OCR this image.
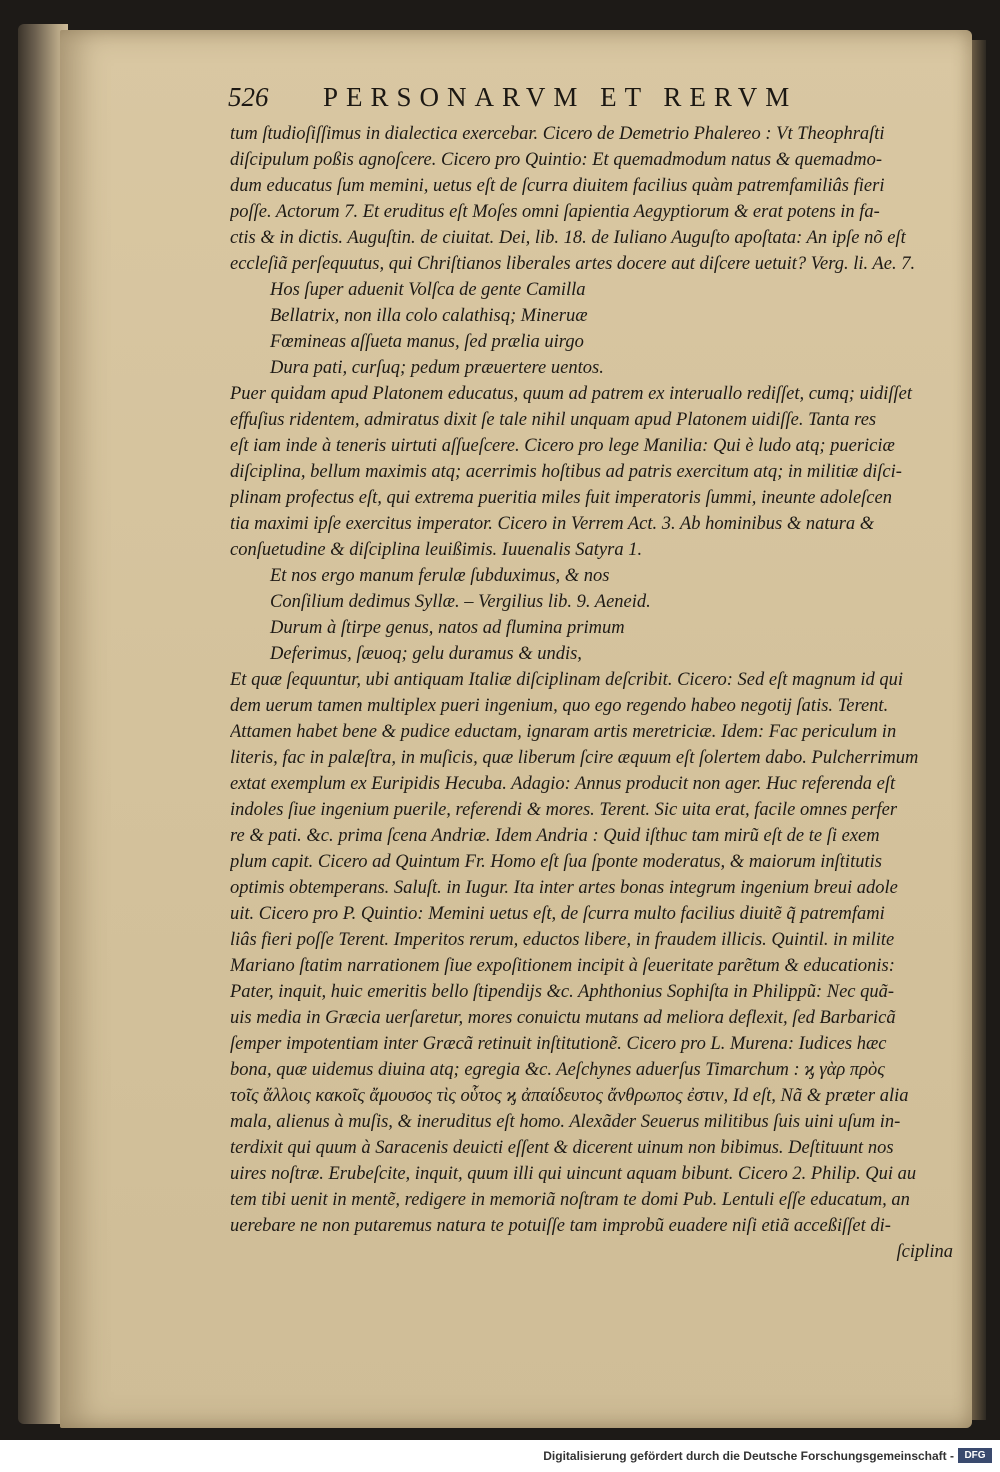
526 PERSONARVM ET RERVM
tum ſtudioſiſſimus in dialectica exercebar. Cicero de Demetrio Phalereo : Vt Theophraſti
diſcipulum poßis agnoſcere. Cicero pro Quintio: Et quemadmodum natus & quemadmo-
dum educatus ſum memini, uetus eſt de ſcurra diuitem facilius quàm patremfamiliâs fieri
poſſe. Actorum 7. Et eruditus eſt Moſes omni ſapientia Aegyptiorum & erat potens in fa-
ctis & in dictis. Auguſtin. de ciuitat. Dei, lib. 18. de Iuliano Auguſto apoſtata: An ipſe nõ eſt
eccleſiã perſequutus, qui Chriſtianos liberales artes docere aut diſcere uetuit? Verg. li. Ae. 7.
Hos ſuper aduenit Volſca de gente Camilla
Bellatrix, non illa colo calathisq; Mineruæ
Fœmineas aſſueta manus, ſed prælia uirgo
Dura pati, curſuq; pedum præuertere uentos.
Puer quidam apud Platonem educatus, quum ad patrem ex interuallo rediſſet, cumq; uidiſſet
effuſius ridentem, admiratus dixit ſe tale nihil unquam apud Platonem uidiſſe. Tanta res
eſt iam inde à teneris uirtuti aſſueſcere. Cicero pro lege Manilia: Qui è ludo atq; puericiæ
diſciplina, bellum maximis atq; acerrimis hoſtibus ad patris exercitum atq; in militiæ diſci-
plinam profectus eſt, qui extrema pueritia miles fuit imperatoris ſummi, ineunte adoleſcen
tia maximi ipſe exercitus imperator. Cicero in Verrem Act. 3. Ab hominibus & natura &
conſuetudine & diſciplina leuißimis. Iuuenalis Satyra 1.
Et nos ergo manum ferulæ ſubduximus, & nos
Conſilium dedimus Syllæ. – Vergilius lib. 9. Aeneid.
Durum à ſtirpe genus, natos ad flumina primum
Deferimus, ſæuoq; gelu duramus & undis,
Et quæ ſequuntur, ubi antiquam Italiæ diſciplinam deſcribit. Cicero: Sed eſt magnum id qui
dem uerum tamen multiplex pueri ingenium, quo ego regendo habeo negotij ſatis. Terent.
Attamen habet bene & pudice eductam, ignaram artis meretriciæ. Idem: Fac periculum in
literis, fac in palæſtra, in muſicis, quæ liberum ſcire æquum eſt ſolertem dabo. Pulcherrimum
extat exemplum ex Euripidis Hecuba. Adagio: Annus producit non ager. Huc referenda eſt
indoles ſiue ingenium puerile, referendi & mores. Terent. Sic uita erat, facile omnes perfer
re & pati. &c. prima ſcena Andriæ. Idem Andria : Quid iſthuc tam mirũ eſt de te ſi exem
plum capit. Cicero ad Quintum Fr. Homo eſt ſua ſponte moderatus, & maiorum inſtitutis
optimis obtemperans. Saluſt. in Iugur. Ita inter artes bonas integrum ingenium breui adole
uit. Cicero pro P. Quintio: Memini uetus eſt, de ſcurra multo facilius diuitẽ q̃ patremfami
liâs fieri poſſe Terent. Imperitos rerum, eductos libere, in fraudem illicis. Quintil. in milite
Mariano ſtatim narrationem ſiue expoſitionem incipit à ſeueritate parẽtum & educationis:
Pater, inquit, huic emeritis bello ſtipendijs &c. Aphthonius Sophiſta in Philippũ: Nec quã-
uis media in Græcia uerſaretur, mores conuictu mutans ad meliora deflexit, ſed Barbaricã
ſemper impotentiam inter Græcã retinuit inſtitutionẽ. Cicero pro L. Murena: Iudices hæc
bona, quæ uidemus diuina atq; egregia &c. Aeſchynes aduerſus Timarchum : ϗ γὰρ πρὸς
τοῖς ἄλλοις κακοῖς ἄμουσος τὶς οὗτος ϗ ἀπαίδευτος ἄνθρωπος ἐστιν, Id eſt, Nã & præter alia
mala, alienus à muſis, & ineruditus eſt homo. Alexãder Seuerus militibus ſuis uini uſum in-
terdixit qui quum à Saracenis deuicti eſſent & dicerent uinum non bibimus. Deſtituunt nos
uires noſtræ. Erubeſcite, inquit, quum illi qui uincunt aquam bibunt. Cicero 2. Philip. Qui au
tem tibi uenit in mentẽ, redigere in memoriã noſtram te domi Pub. Lentuli eſſe educatum, an
uerebare ne non putaremus natura te potuiſſe tam improbũ euadere niſi etiã acceßiſſet di-
ſciplina
Digitalisierung gefördert durch die Deutsche Forschungsgemeinschaft -	DFG
